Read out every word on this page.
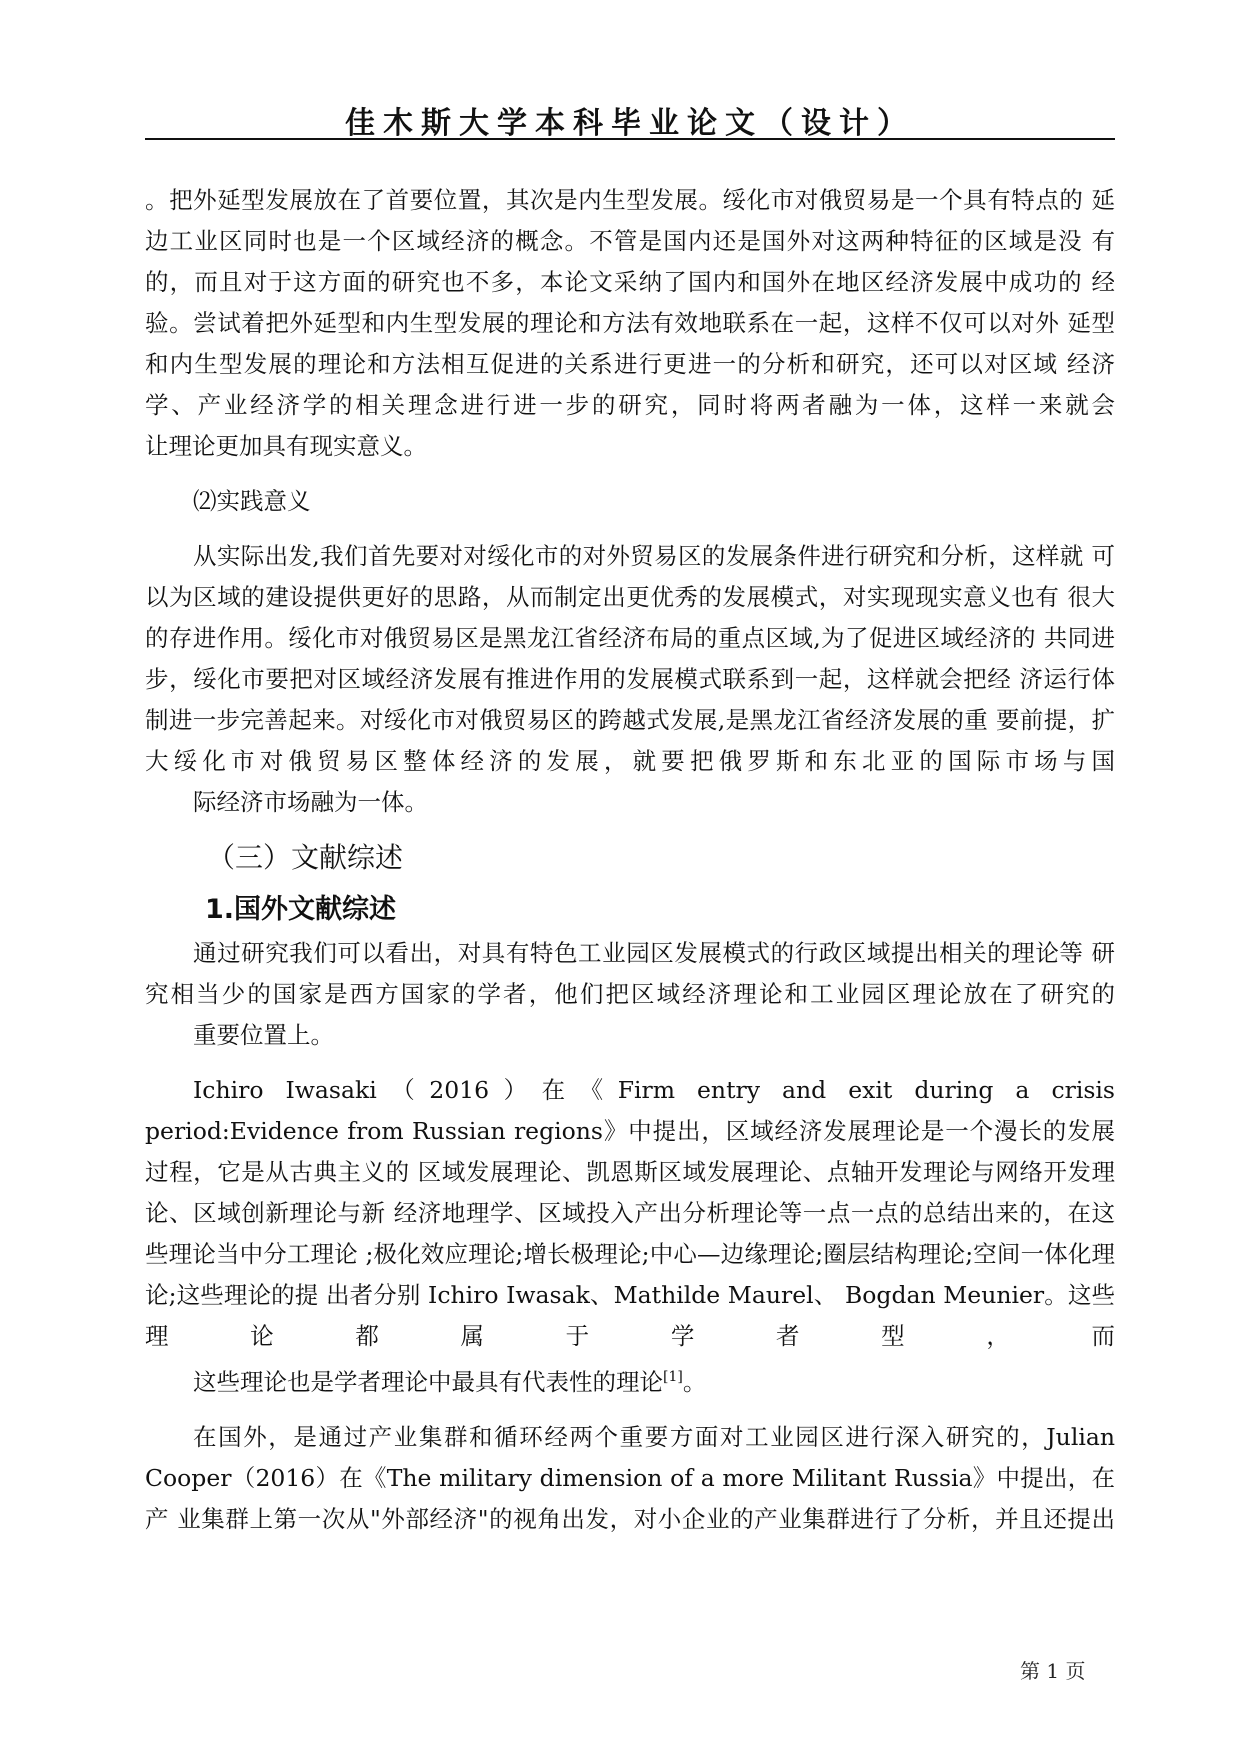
佳木斯大学本科毕业论文（设计）
。把外延型发展放在了首要位置，其次是内生型发展。绥化市对俄贸易是一个具有特点的 延边工业区同时也是一个区域经济的概念。不管是国内还是国外对这两种特征的区域是没 有的，而且对于这方面的研究也不多，本论文采纳了国内和国外在地区经济发展中成功的 经验。尝试着把外延型和内生型发展的理论和方法有效地联系在一起，这样不仅可以对外 延型和内生型发展的理论和方法相互促进的关系进行更进一的分析和研究，还可以对区域 经济学、产业经济学的相关理念进行进一步的研究，同时将两者融为一体，这样一来就会
让理论更加具有现实意义。
⑵实践意义
从实际出发,我们首先要对对绥化市的对外贸易区的发展条件进行研究和分析，这样就 可以为区域的建设提供更好的思路，从而制定出更优秀的发展模式，对实现现实意义也有 很大的存进作用。绥化市对俄贸易区是黑龙江省经济布局的重点区域,为了促进区域经济的 共同进步，绥化市要把对区域经济发展有推进作用的发展模式联系到一起，这样就会把经 济运行体制进一步完善起来。对绥化市对俄贸易区的跨越式发展,是黑龙江省经济发展的重 要前提，扩大绥化市对俄贸易区整体经济的发展，就要把俄罗斯和东北亚的国际市场与国
际经济市场融为一体。
（三）文献综述
1.国外文献综述
通过研究我们可以看出，对具有特色工业园区发展模式的行政区域提出相关的理论等 研究相当少的国家是西方国家的学者，他们把区域经济理论和工业园区理论放在了研究的
重要位置上。
Ichiro Iwasaki（2016）在《Firm entry and exit during a crisis period:Evidence from Russian regions》中提出，区域经济发展理论是一个漫长的发展过程，它是从古典主义的 区域发展理论、凯恩斯区域发展理论、点轴开发理论与网络开发理论、区域创新理论与新 经济地理学、区域投入产出分析理论等一点一点的总结出来的，在这些理论当中分工理论 ;极化效应理论;增长极理论;中心—边缘理论;圈层结构理论;空间一体化理论;这些理论的提 出者分别 Ichiro Iwasak、Mathilde Maurel、 Bogdan Meunier。这些理论都属于学者型，而
这些理论也是学者理论中最具有代表性的理论[1]。
在国外，是通过产业集群和循环经两个重要方面对工业园区进行深入研究的，Julian Cooper（2016）在《The military dimension of a more Militant Russia》中提出，在产 业集群上第一次从"外部经济"的视角出发，对小企业的产业集群进行了分析，并且还提出
第 1 页
